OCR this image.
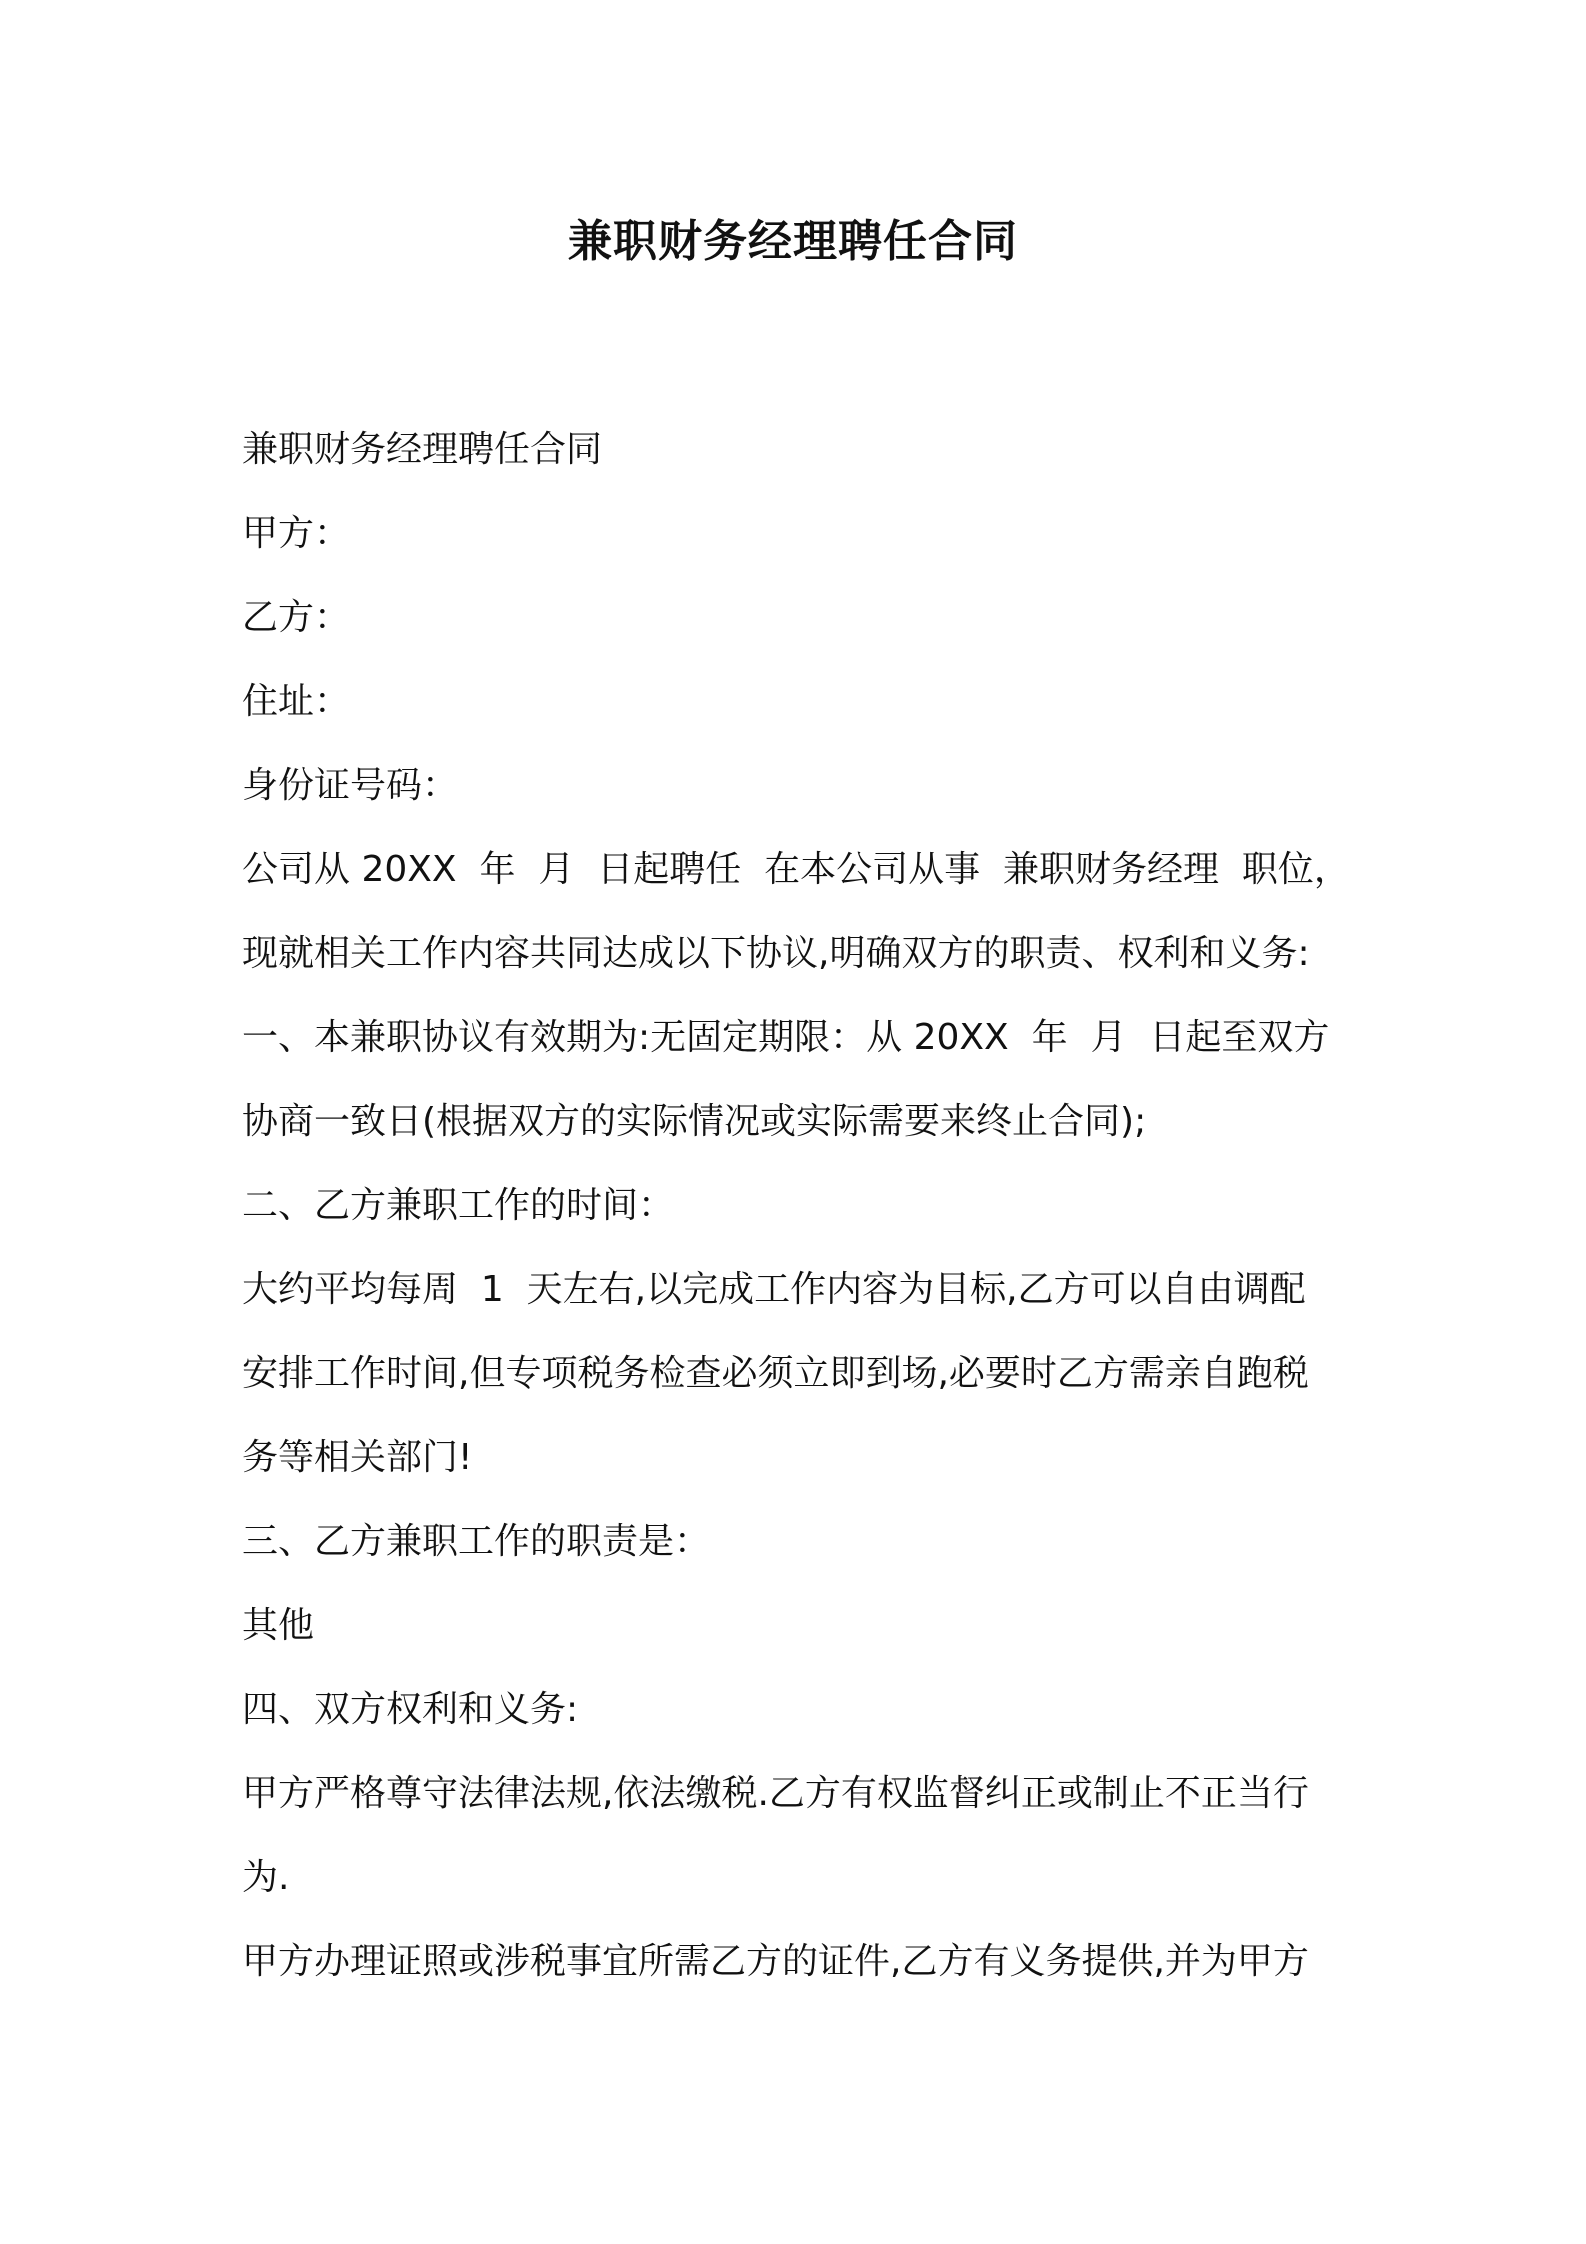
兼职财务经理聘任合同
兼职财务经理聘任合同
甲方：
乙方：
住址：
身份证号码：
公司从 20XX  年  月  日起聘任  在本公司从事  兼职财务经理  职位，
现就相关工作内容共同达成以下协议,明确双方的职责、权利和义务:
一、本兼职协议有效期为:无固定期限：从 20XX  年  月  日起至双方
协商一致日(根据双方的实际情况或实际需要来终止合同);
二、乙方兼职工作的时间：
大约平均每周  1  天左右,以完成工作内容为目标,乙方可以自由调配
安排工作时间,但专项税务检查必须立即到场,必要时乙方需亲自跑税
务等相关部门!
三、乙方兼职工作的职责是：
其他
四、双方权利和义务:
甲方严格尊守法律法规,依法缴税.乙方有权监督纠正或制止不正当行
为.
甲方办理证照或涉税事宜所需乙方的证件,乙方有义务提供,并为甲方
